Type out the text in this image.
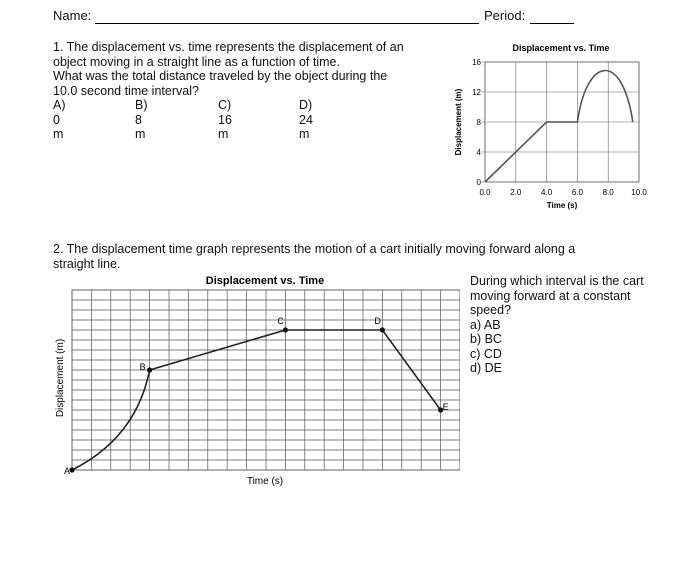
Name:	Period:
1. The displacement vs. time represents the displacement of an
object moving in a straight line as a function of time.
What was the total distance traveled by the object during the
10.0 second time interval?
A) 0 m
B) 8 m
C) 16 m
D) 24 m
Displacement vs. Time
0
4
8
12
16
0.0 2.0 4.0 6.0 8.0 10.0
Time (s)
Displacement (m)
2. The displacement time graph represents the motion of a cart initially moving forward along a
straight line.
Displacement vs. Time
Displacement (m)
Time (s)
A
B
C	D
E
During which interval is the cart
moving forward at a constant
speed?
a) AB
b) BC
c) CD
d) DE
